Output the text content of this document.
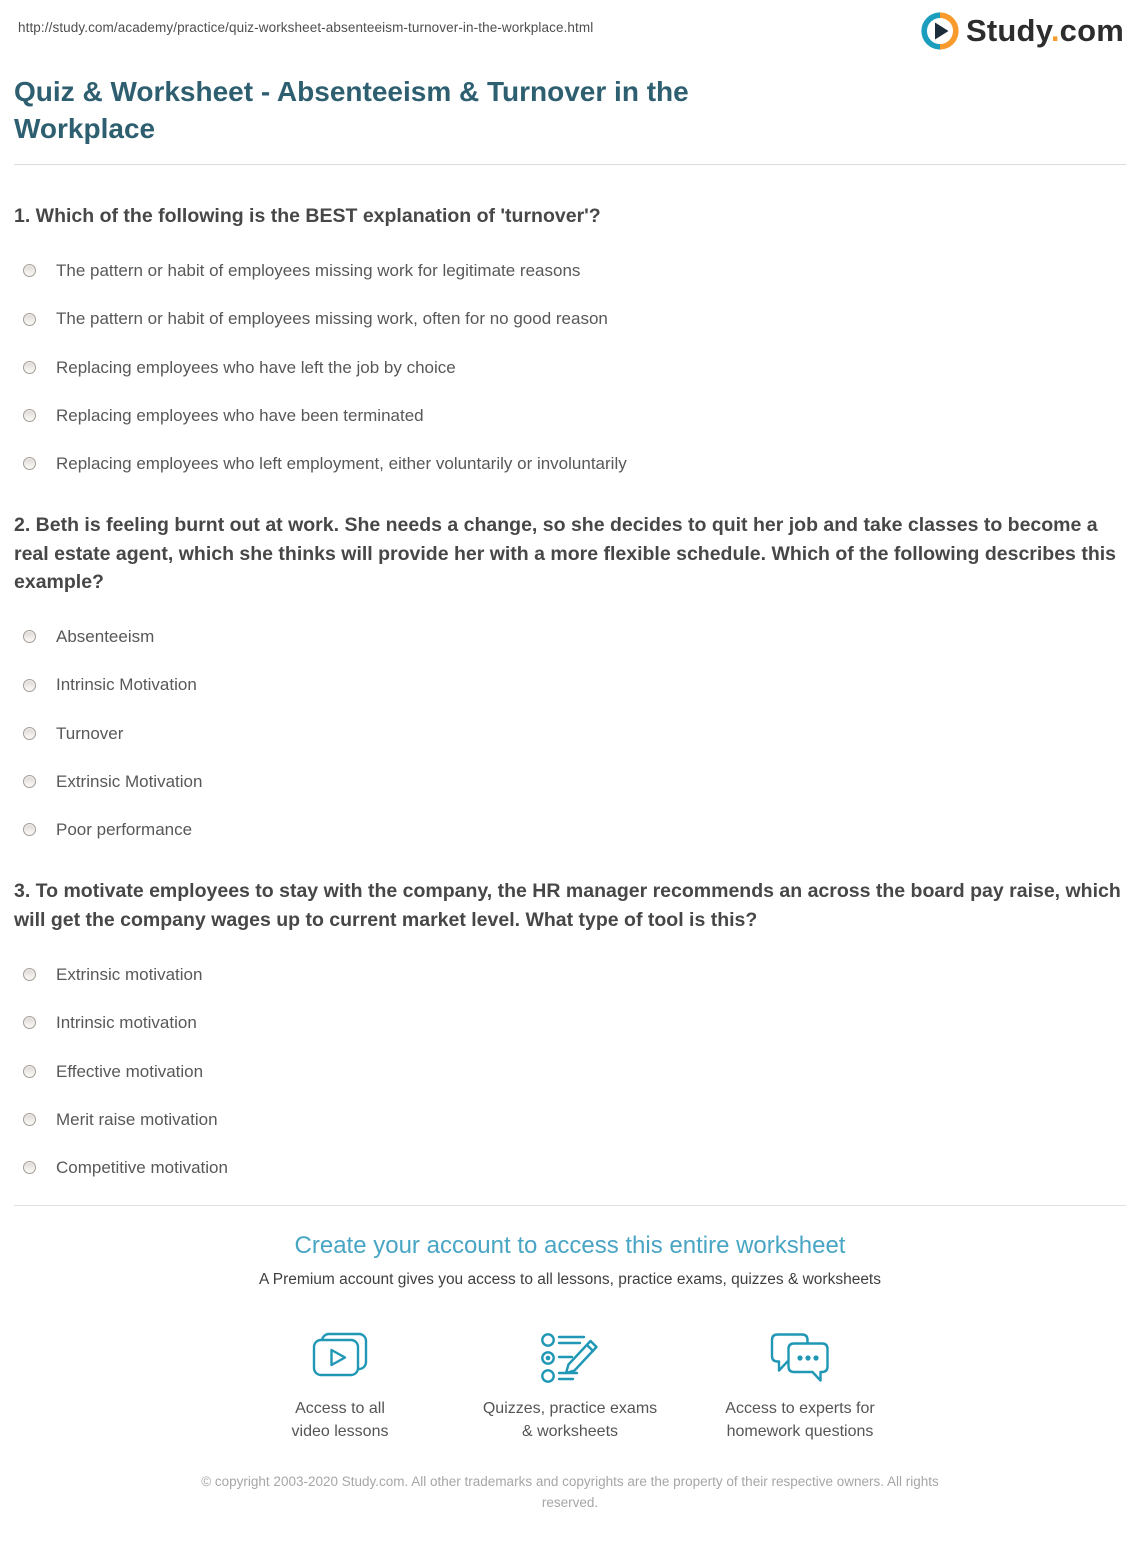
http://study.com/academy/practice/quiz-worksheet-absenteeism-turnover-in-the-workplace.html	Study.com
Quiz & Worksheet - Absenteeism & Turnover in the Workplace
1. Which of the following is the BEST explanation of 'turnover'?
The pattern or habit of employees missing work for legitimate reasons
The pattern or habit of employees missing work, often for no good reason
Replacing employees who have left the job by choice
Replacing employees who have been terminated
Replacing employees who left employment, either voluntarily or involuntarily
2. Beth is feeling burnt out at work. She needs a change, so she decides to quit her job and take classes to become a real estate agent, which she thinks will provide her with a more flexible schedule. Which of the following describes this example?
Absenteeism
Intrinsic Motivation
Turnover
Extrinsic Motivation
Poor performance
3. To motivate employees to stay with the company, the HR manager recommends an across the board pay raise, which will get the company wages up to current market level. What type of tool is this?
Extrinsic motivation
Intrinsic motivation
Effective motivation
Merit raise motivation
Competitive motivation
Create your account to access this entire worksheet
A Premium account gives you access to all lessons, practice exams, quizzes & worksheets
Access to all
video lessons
Quizzes, practice exams
& worksheets
Access to experts for
homework questions
© copyright 2003-2020 Study.com. All other trademarks and copyrights are the property of their respective owners. All rights
reserved.
